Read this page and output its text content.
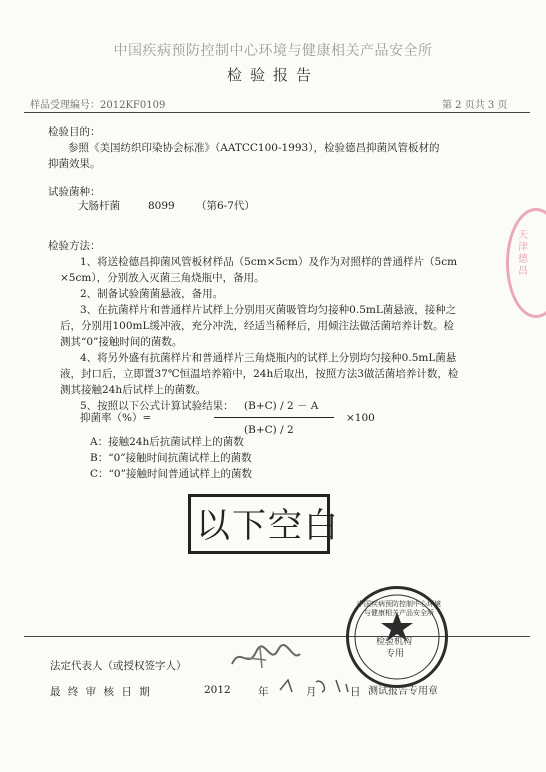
中国疾病预防控制中心环境与健康相关产品安全所
检验报告
样品受理编号：2012KF0109	第 2 页共 3 页
检验目的：
参照《美国纺织印染协会标准》（AATCC100-1993），检验德昌抑菌风管板材的
抑菌效果。
试验菌种：
大肠杆菌	8099 （第6-7代）
检验方法：
1、将送检德昌抑菌风管板材样品（5cm×5cm）及作为对照样的普通样片（5cm
×5cm），分别放入灭菌三角烧瓶中，备用。
2、制备试验菌菌悬液，备用。
3、在抗菌样片和普通样片试样上分别用灭菌吸管均匀接种0.5mL菌悬液，接种之
后，分别用100mL缓冲液，充分冲洗，经适当稀释后，用倾注法做活菌培养计数。检
测其“0”接触时间的菌数。
4、将另外盛有抗菌样片和普通样片三角烧瓶内的试样上分别均匀接种0.5mL菌悬
液，封口后，立即置37℃恒温培养箱中，24h后取出，按照方法3做活菌培养计数，检
测其接触24h后试样上的菌数。
5、按照以下公式计算试验结果： (B+C) / 2 － A
抑菌率（%）=	×100
(B+C) / 2
A：接触24h后抗菌试样上的菌数
B：“0”接触时间抗菌试样上的菌数
C：“0”接触时间普通试样上的菌数
以下空白
法定代表人（或授权签字人）
最 终 审 核 日 期	2012	年	月	日
检验机构
专用
中国疾病预防控制中心环境与健康相关产品安全所
测试报告专用章
天津德昌
